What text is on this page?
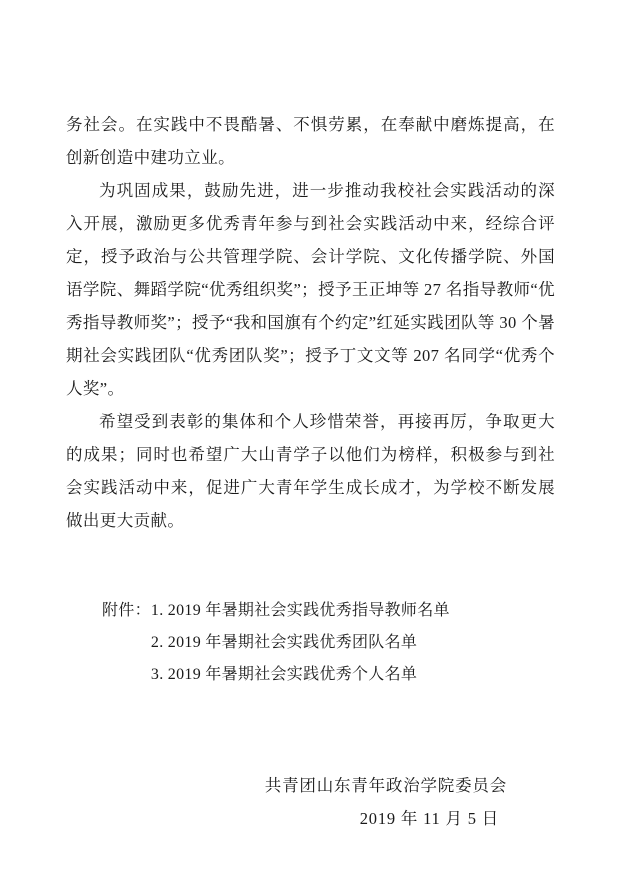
务社会。在实践中不畏酷暑、不惧劳累，在奉献中磨炼提高，在创新创造中建功立业。

为巩固成果，鼓励先进，进一步推动我校社会实践活动的深入开展，激励更多优秀青年参与到社会实践活动中来，经综合评定，授予政治与公共管理学院、会计学院、文化传播学院、外国语学院、舞蹈学院“优秀组织奖”；授予王正坤等 27 名指导教师“优秀指导教师奖”；授予“我和国旗有个约定”红延实践团队等 30 个暑期社会实践团队“优秀团队奖”；授予丁文文等 207 名同学“优秀个人奖”。

希望受到表彰的集体和个人珍惜荣誉，再接再厉，争取更大的成果；同时也希望广大山青学子以他们为榜样，积极参与到社会实践活动中来，促进广大青年学生成长成才，为学校不断发展做出更大贡献。

附件： 1. 2019 年暑期社会实践优秀指导教师名单
2. 2019 年暑期社会实践优秀团队名单
3. 2019 年暑期社会实践优秀个人名单
共青团山东青年政治学院委员会
2019 年 11 月 5 日
